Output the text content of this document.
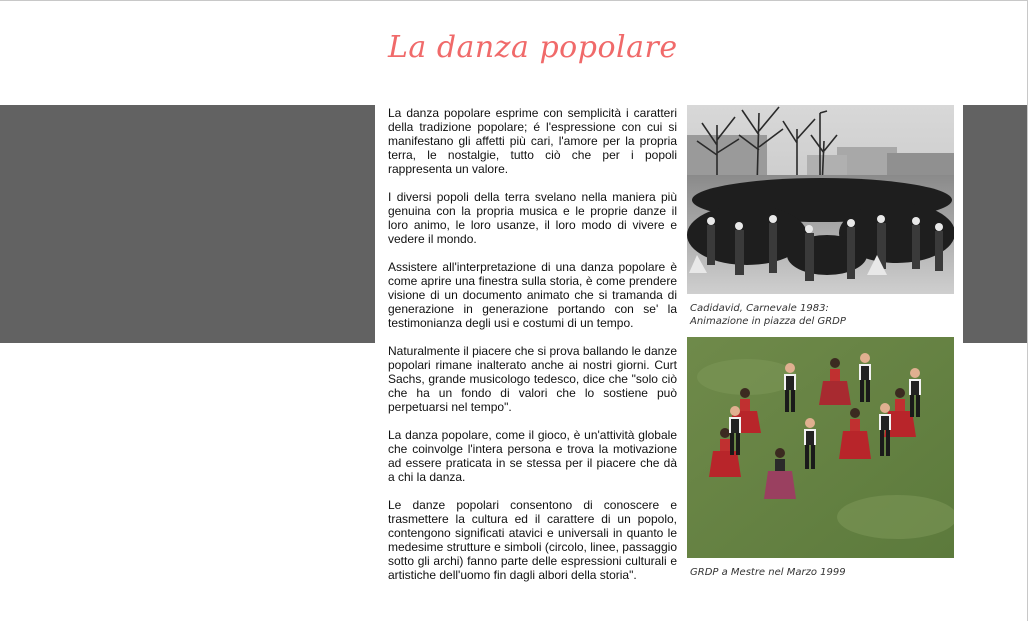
La danza popolare

La danza popolare esprime con semplicità i caratteri della tradizione popolare; é l'espressione con cui si manifestano gli affetti più cari, l'amore per la propria terra, le nostalgie, tutto ciò che per i popoli rappresenta un valore.

I diversi popoli della terra svelano nella maniera più genuina con la propria musica e le proprie danze il loro animo, le loro usanze, il loro modo di vivere e vedere il mondo.

Assistere all'interpretazione di una danza popolare è come aprire una finestra sulla storia, è come prendere visione di un documento animato che si tramanda di generazione in generazione portando con se' la testimonianza degli usi e costumi di un tempo.

Naturalmente il piacere che si prova ballando le danze popolari rimane inalterato anche ai nostri giorni. Curt Sachs, grande musicologo tedesco, dice che "solo ciò che ha un fondo di valori che lo sostiene può perpetuarsi nel tempo".

La danza popolare, come il gioco, è un'attività globale che coinvolge l'intera persona e trova la motivazione ad essere praticata in se stessa per il piacere che dà a chi la danza.

Le danze popolari consentono di conoscere e trasmettere la cultura ed il carattere di un popolo, contengono significati atavici e universali in quanto le medesime strutture e simboli (circolo, linee, passaggio sotto gli archi) fanno parte delle espressioni culturali e artistiche dell'uomo fin dagli albori della storia".

Cadidavid, Carnevale 1983:
Animazione in piazza del GRDP
GRDP a Mestre nel Marzo 1999
